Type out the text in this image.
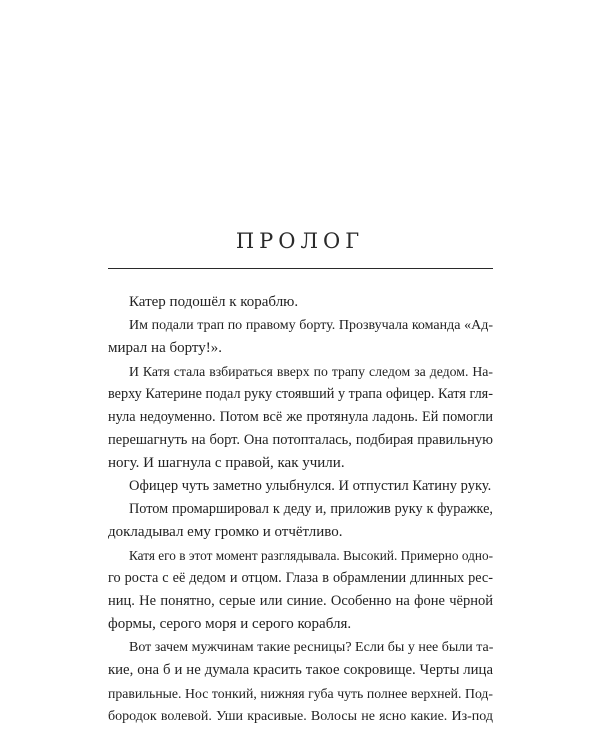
ПРОЛОГ
Катер подошёл к кораблю.
Им подали трап по правому борту. Прозвучала команда «Ад-
мирал на борту!».
И Катя стала взбираться вверх по трапу следом за дедом. На-
верху Катерине подал руку стоявший у трапа офицер. Катя гля-
нула недоуменно. Потом всё же протянула ладонь. Ей помогли
перешагнуть на борт. Она потопталась, подбирая правильную
ногу. И шагнула с правой, как учили.
Офицер чуть заметно улыбнулся. И отпустил Катину руку.
Потом промаршировал к деду и, приложив руку к фуражке,
докладывал ему громко и отчётливо.
Катя его в этот момент разглядывала. Высокий. Примерно одно-
го роста с её дедом и отцом. Глаза в обрамлении длинных рес-
ниц. Не понятно, серые или синие. Особенно на фоне чёрной
формы, серого моря и серого корабля.
Вот зачем мужчинам такие ресницы? Если бы у нее были та-
кие, она б и не думала красить такое сокровище. Черты лица
правильные. Нос тонкий, нижняя губа чуть полнее верхней. Под-
бородок волевой. Уши красивые. Волосы не ясно какие. Из-под
